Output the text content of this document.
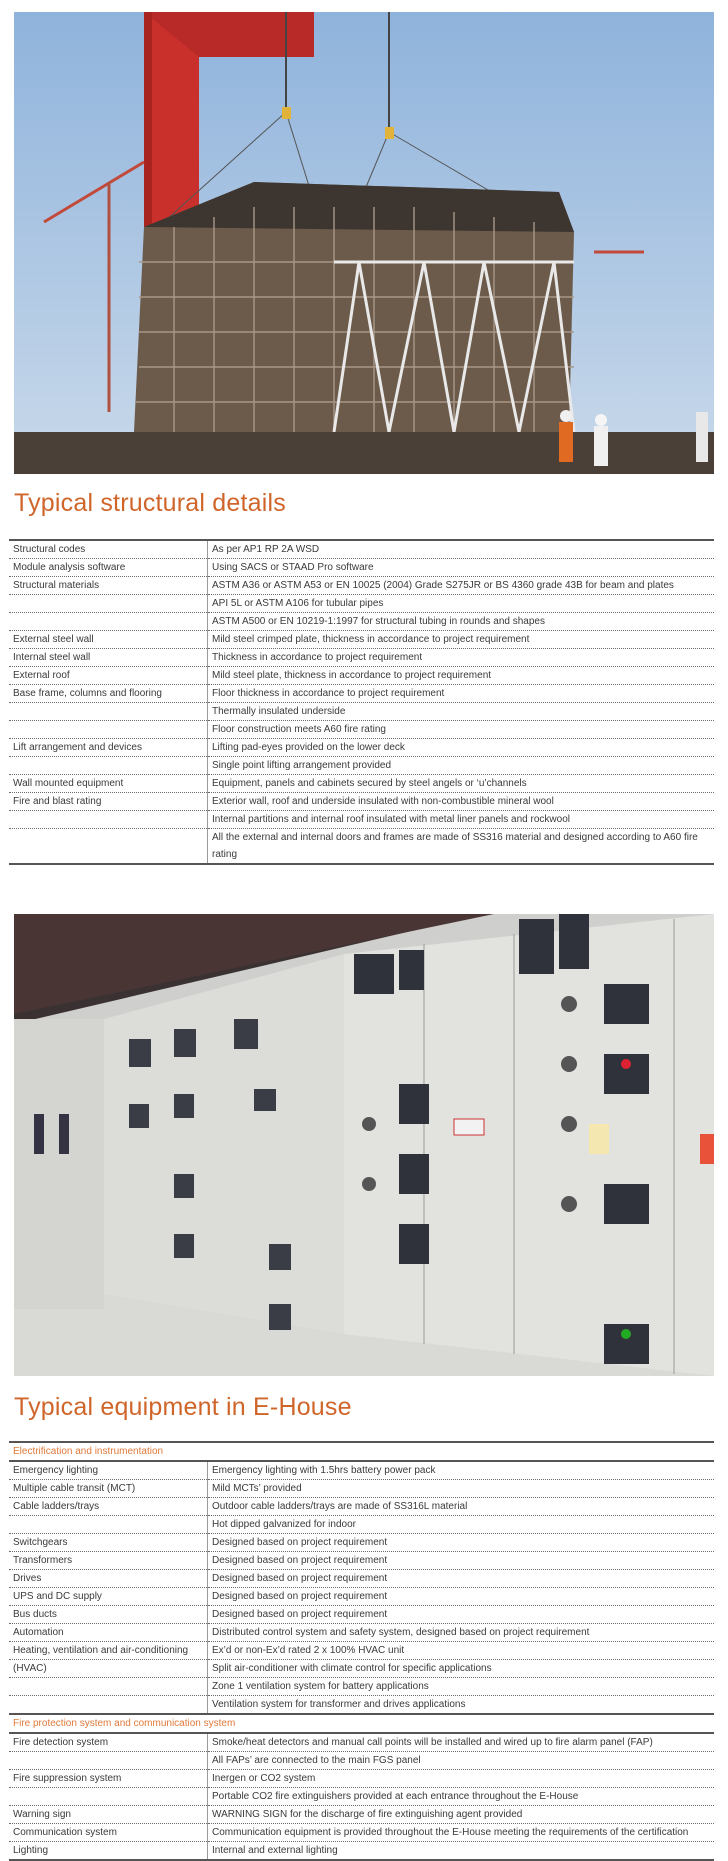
Typical structural details
Structural codes	As per AP1 RP 2A WSD
Module analysis software	Using SACS or STAAD Pro software
Structural materials	ASTM A36 or ASTM A53 or EN 10025 (2004) Grade S275JR or BS 4360 grade 43B for beam and plates
	API 5L or ASTM A106 for tubular pipes
	ASTM A500 or EN 10219-1:1997 for structural tubing in rounds and shapes
External steel wall	Mild steel crimped plate, thickness in accordance to project requirement
Internal steel wall	Thickness in accordance to project requirement
External roof	Mild steel plate, thickness in accordance to project requirement
Base frame, columns and flooring	Floor thickness in accordance to project requirement
	Thermally insulated underside
	Floor construction meets A60 fire rating
Lift arrangement and devices	Lifting pad-eyes provided on the lower deck
	Single point lifting arrangement provided
Wall mounted equipment	Equipment, panels and cabinets secured by steel angels or ‘u’channels
Fire and blast rating	Exterior wall, roof and underside insulated with non-combustible mineral wool
	Internal partitions and internal roof insulated with metal liner panels and rockwool
	All the external and internal doors and frames are made of SS316 material and designed according to A60 fire rating
Typical equipment in E-House
Electrification and instrumentation	
Emergency lighting	Emergency lighting with 1.5hrs battery power pack
Multiple cable transit (MCT)	Mild MCTs’ provided
Cable ladders/trays	Outdoor cable ladders/trays are made of SS316L material
	Hot dipped galvanized for indoor
Switchgears	Designed based on project requirement
Transformers	Designed based on project requirement
Drives	Designed based on project requirement
UPS and DC supply	Designed based on project requirement
Bus ducts	Designed based on project requirement
Automation	Distributed control system and safety system, designed based on project requirement
Heating, ventilation and air-conditioning	Ex’d or non-Ex’d rated 2 x 100% HVAC unit
(HVAC)	Split air-conditioner with climate control for specific applications
	Zone 1 ventilation system for battery applications
	Ventilation system for transformer and drives applications
Fire protection system and communication system	
Fire detection system	Smoke/heat detectors and manual call points will be installed and wired up to fire alarm panel (FAP)
	All FAPs’ are connected to the main FGS panel
Fire suppression system	Inergen or CO2 system
	Portable CO2 fire extinguishers provided at each entrance throughout the E-House
Warning sign	WARNING SIGN for the discharge of fire extinguishing agent provided
Communication system	Communication equipment is provided throughout the E-House meeting the requirements of the certification
Lighting	Internal and external lighting
